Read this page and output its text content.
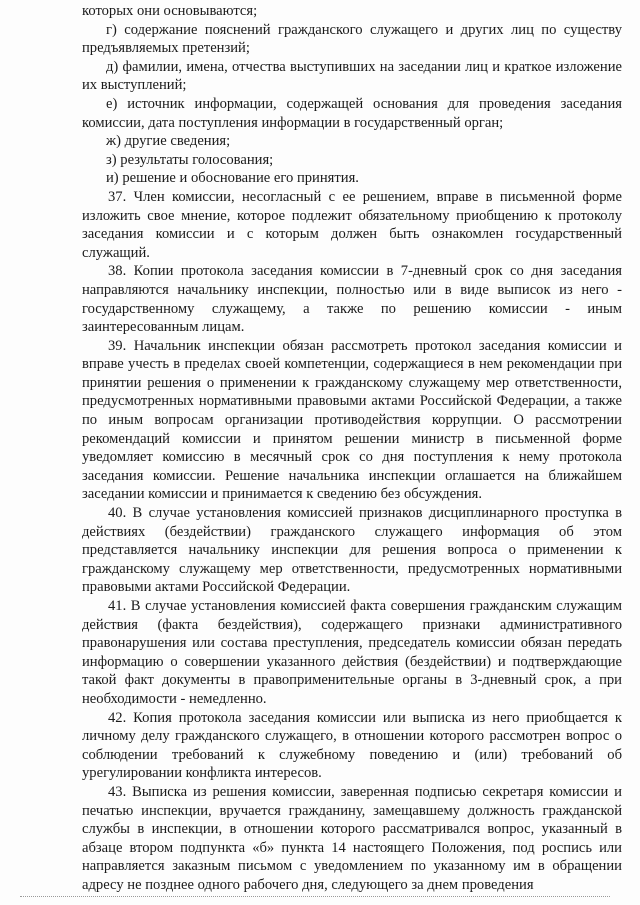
которых они основываются;

г) содержание пояснений гражданского служащего и других лиц по существу предъявляемых претензий;

д) фамилии, имена, отчества выступивших на заседании лиц и краткое изложение их выступлений;

е) источник информации, содержащей основания для проведения заседания комиссии, дата поступления информации в государственный орган;

ж) другие сведения;

з) результаты голосования;

и) решение и обоснование его принятия.

37. Член комиссии, несогласный с ее решением, вправе в письменной форме изложить свое мнение, которое подлежит обязательному приобщению к протоколу заседания комиссии и с которым должен быть ознакомлен государственный служащий.

38. Копии протокола заседания комиссии в 7-дневный срок со дня заседания направляются начальнику инспекции, полностью или в виде выписок из него - государственному служащему, а также по решению комиссии - иным заинтересованным лицам.

39. Начальник инспекции обязан рассмотреть протокол заседания комиссии и вправе учесть в пределах своей компетенции, содержащиеся в нем рекомендации при принятии решения о применении к гражданскому служащему мер ответственности, предусмотренных нормативными правовыми актами Российской Федерации, а также по иным вопросам организации противодействия коррупции. О рассмотрении рекомендаций комиссии и принятом решении министр в письменной форме уведомляет комиссию в месячный срок со дня поступления к нему протокола заседания комиссии. Решение начальника инспекции оглашается на ближайшем заседании комиссии и принимается к сведению без обсуждения.

40. В случае установления комиссией признаков дисциплинарного проступка в действиях (бездействии) гражданского служащего информация об этом представляется начальнику инспекции для решения вопроса о применении к гражданскому служащему мер ответственности, предусмотренных нормативными правовыми актами Российской Федерации.

41. В случае установления комиссией факта совершения гражданским служащим действия (факта бездействия), содержащего признаки административного правонарушения или состава преступления, председатель комиссии обязан передать информацию о совершении указанного действия (бездействии) и подтверждающие такой факт документы в правоприменительные органы в 3-дневный срок, а при необходимости - немедленно.

42. Копия протокола заседания комиссии или выписка из него приобщается к личному делу гражданского служащего, в отношении которого рассмотрен вопрос о соблюдении требований к служебному поведению и (или) требований об урегулировании конфликта интересов.

43. Выписка из решения комиссии, заверенная подписью секретаря комиссии и печатью инспекции, вручается гражданину, замещавшему должность гражданской службы в инспекции, в отношении которого рассматривался вопрос, указанный в абзаце втором подпункта «б» пункта 14 настоящего Положения, под роспись или направляется заказным письмом с уведомлением по указанному им в обращении адресу не позднее одного рабочего дня, следующего за днем проведения
